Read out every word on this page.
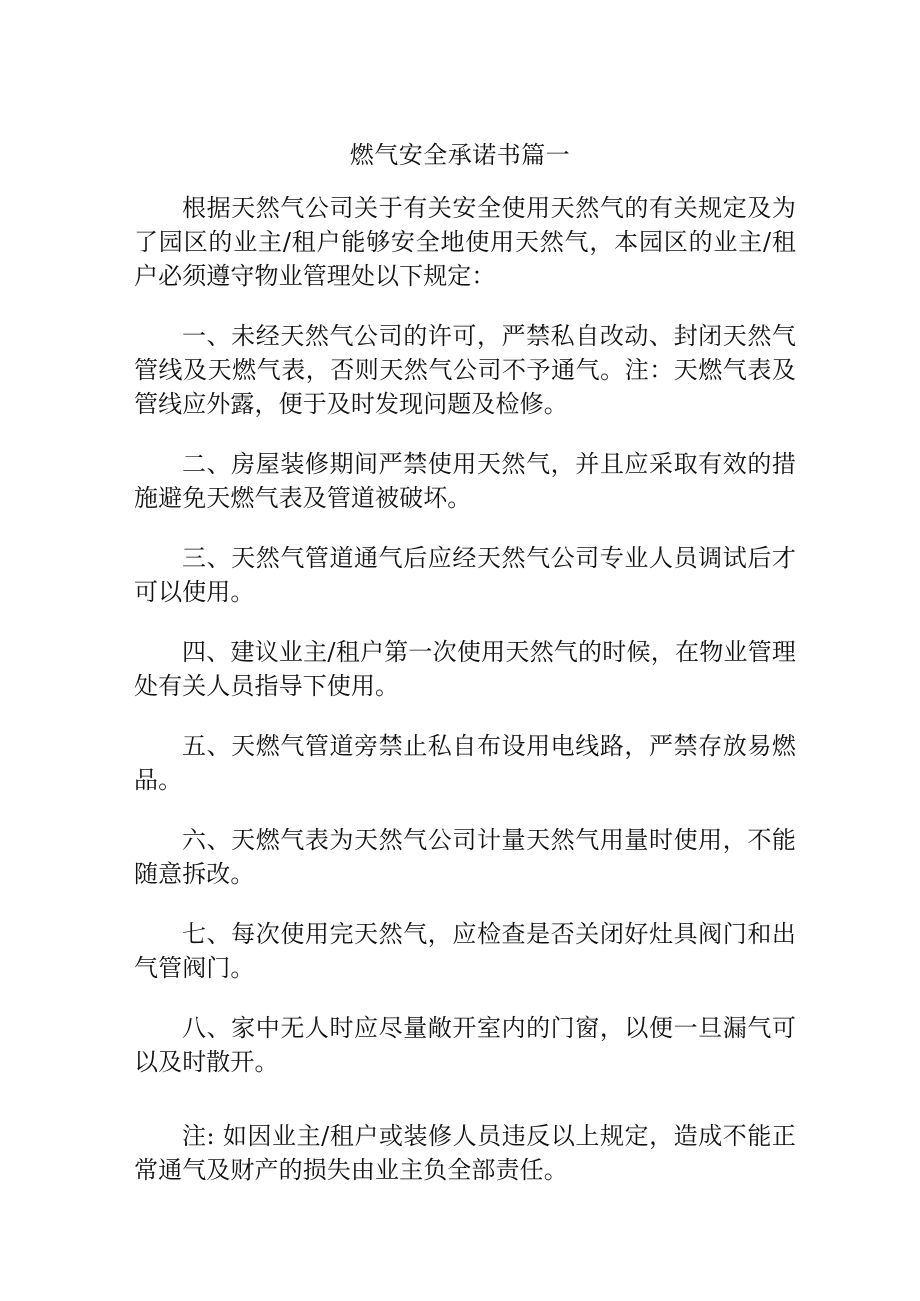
燃气安全承诺书篇一

根据天然气公司关于有关安全使用天然气的有关规定及为了园区的业主/租户能够安全地使用天然气，本园区的业主/租户必须遵守物业管理处以下规定：

一、未经天然气公司的许可，严禁私自改动、封闭天然气管线及天燃气表，否则天然气公司不予通气。注：天燃气表及管线应外露，便于及时发现问题及检修。

二、房屋装修期间严禁使用天然气，并且应采取有效的措施避免天燃气表及管道被破坏。

三、天然气管道通气后应经天然气公司专业人员调试后才可以使用。

四、建议业主/租户第一次使用天然气的时候，在物业管理处有关人员指导下使用。

五、天燃气管道旁禁止私自布设用电线路，严禁存放易燃品。

六、天燃气表为天然气公司计量天然气用量时使用，不能随意拆改。

七、每次使用完天然气，应检查是否关闭好灶具阀门和出气管阀门。

八、家中无人时应尽量敞开室内的门窗，以便一旦漏气可以及时散开。

注: 如因业主/租户或装修人员违反以上规定，造成不能正常通气及财产的损失由业主负全部责任。
